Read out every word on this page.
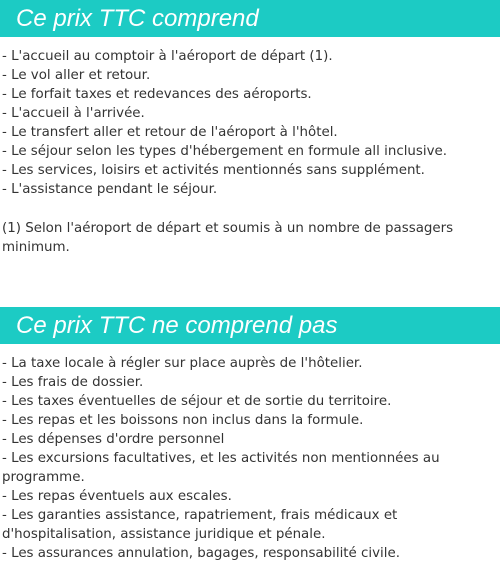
Ce prix TTC comprend
- L'accueil au comptoir à l'aéroport de départ (1).
- Le vol aller et retour.
- Le forfait taxes et redevances des aéroports.
- L'accueil à l'arrivée.
- Le transfert aller et retour de l'aéroport à l'hôtel.
- Le séjour selon les types d'hébergement en formule all inclusive.
- Les services, loisirs et activités mentionnés sans supplément.
- L'assistance pendant le séjour.

(1) Selon l'aéroport de départ et soumis à un nombre de passagers minimum.

Ce prix TTC ne comprend pas
- La taxe locale à régler sur place auprès de l'hôtelier.
- Les frais de dossier.
- Les taxes éventuelles de séjour et de sortie du territoire.
- Les repas et les boissons non inclus dans la formule.
- Les dépenses d'ordre personnel
- Les excursions facultatives, et les activités non mentionnées au programme.
- Les repas éventuels aux escales.
- Les garanties assistance, rapatriement, frais médicaux et d'hospitalisation, assistance juridique et pénale.
- Les assurances annulation, bagages, responsabilité civile.
